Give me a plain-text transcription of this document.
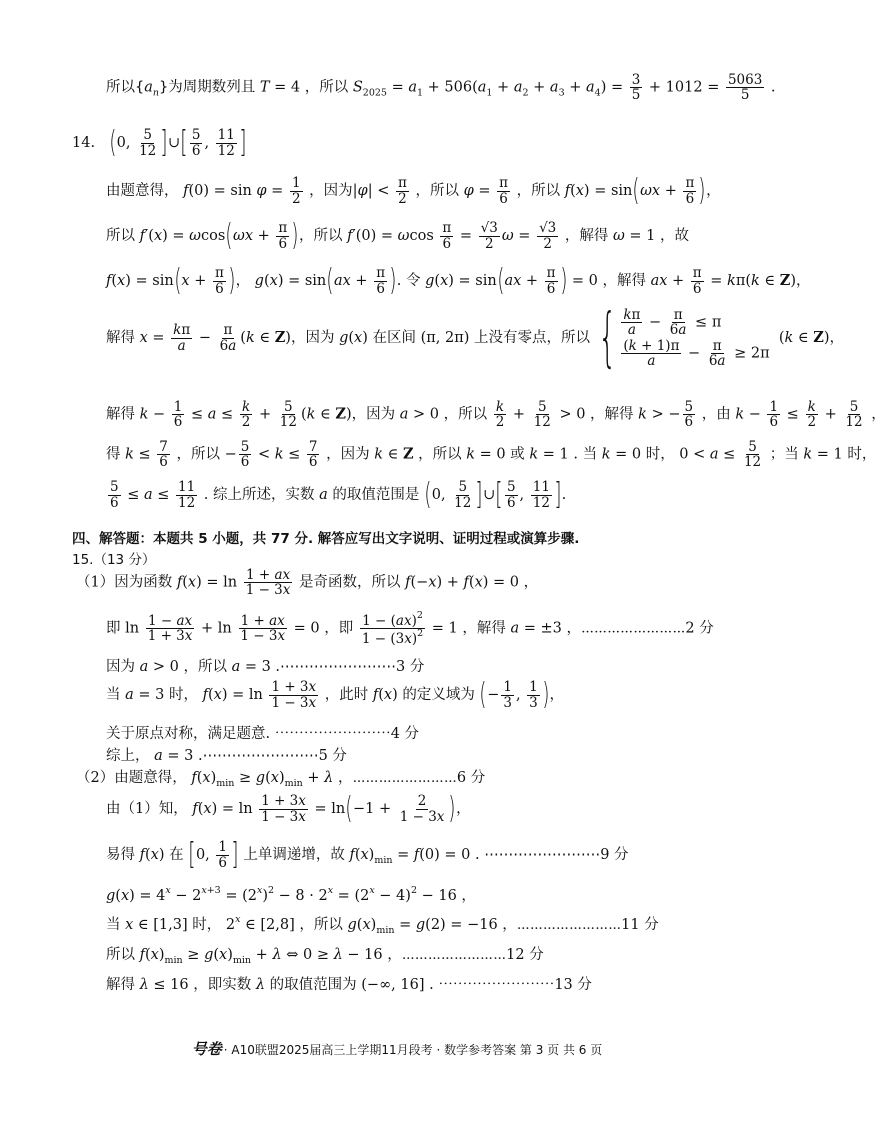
所以$\{a_n\}$为周期数列且 T = 4 ，所以 $S_{2025} = a_1 + 506(a_1 + a_2 + a_3 + a_4) = \frac{3}{5} + 1012 = \frac{5063}{5}$ .
14. (0, $\frac{5}{12}$ ]∪[ $\frac{5}{6}$ , $\frac{11}{12}$ ]
由题意得， $f(0) = \sin \varphi = \frac{1}{2}$ ，因为$|\varphi| < \frac{\pi}{2}$ ，所以 $\varphi = \frac{\pi}{6}$ ，所以 $f(x) = \sin(\omega x + \frac{\pi}{6}$ )，
所以 $f'(x) = \omega\cos(\omega x + \frac{\pi}{6}$ )，所以 f′(0) = ωcos $\frac{\pi}{6} = \frac{√3}{2}$ $\omega = \frac{√3}{2}$ ，解得 ω = 1 ，故
$f(x) = \sin(x + \frac{\pi}{6}$ )， $g(x) = \sin(ax + \frac{\pi}{6}$ ). 令 $g(x) = \sin(ax + \frac{\pi}{6}$ ) = 0 ，解得 ax + $\frac{\pi}{6} = k\pi(k$ ∈ Z)，
解得 $x = \frac{k\pi}{a} - \frac{\pi}{6a} (k$ ∈ Z)，因为 g(x) 在区间 (π, 2π) 上没有零点，所以 { $\frac{k\pi}{a} - \frac{\pi}{6a} \le \pi$
$\frac{(k + 1)\pi}{a} - \frac{\pi}{6a} \ge 2\pi$
(k ∈ Z)，
解得 $k - \frac{1}{6} \le a \le \frac{k}{2} + \frac{5}{12} (k$ ∈ Z)，因为 a > 0 ，所以 $\frac{k}{2} + \frac{5}{12} > 0$ ，解得 k > − $\frac{5}{6}$ ，由 $k - \frac{1}{6} \le \frac{k}{2} + \frac{5}{12}$ ，
得 $k \le \frac{7}{6}$ ，所以 − $\frac{5}{6} < k \le \frac{7}{6}$ ，因为 k ∈ Z ，所以 k = 0 或 k = 1 . 当 k = 0 时， $0 < a \le \frac{5}{12}$ ；当 k = 1 时，
$\frac{5}{6} \le a \le \frac{11}{12}$ . 综上所述，实数 a 的取值范围是 (0, $\frac{5}{12}$ ]∪[ $\frac{5}{6}$ , $\frac{11}{12}$ ].
四、解答题：本题共 5 小题，共 77 分. 解答应写出文字说明、证明过程或演算步骤.
15.（13 分）
（1）因为函数 $f(x) = \ln \frac{1 + ax}{1 - 3x}$ 是奇函数，所以 f(−x) + f(x) = 0 ，
即 $\ln \frac{1 - ax}{1 + 3x} + \ln \frac{1 + ax}{1 - 3x} = 0$ ，即 $\frac{1 - (ax)^2}{1 - (3x)^2} = 1$ ，解得 a = ±3 ，⋯⋯⋯⋯⋯⋯⋯⋯2 分
因为 a > 0 ，所以 a = 3 .⋯⋯⋯⋯⋯⋯⋯⋯3 分
当 a = 3 时， $f(x) = \ln \frac{1 + 3x}{1 - 3x}$ ，此时 f(x) 的定义域为 (− $\frac{1}{3}$ , $\frac{1}{3}$ )，
关于原点对称，满足题意. ⋯⋯⋯⋯⋯⋯⋯⋯4 分
综上， a = 3 .⋯⋯⋯⋯⋯⋯⋯⋯5 分
（2）由题意得， $f(x)_{min} \ge g(x)_{min} + \lambda$ ，⋯⋯⋯⋯⋯⋯⋯⋯6 分
由（1）知， $f(x) = \ln \frac{1 + 3x}{1 - 3x} = \ln(-1 + \frac{2}{1 - 3x}$ )，
易得 f(x) 在 [0, $\frac{1}{6}$ ] 上单调递增，故 $f(x)_{min} = f(0) = 0$ . ⋯⋯⋯⋯⋯⋯⋯⋯9 分
$g(x) = 4^x - 2^{x+3} = (2^x)^2 - 8 \cdot 2^x = (2^x - 4)^2 - 16$ ，
当 x ∈ [1,3] 时， 2$^x$ ∈ [2,8] ，所以 $g(x)_{min} = g(2) = -16$ ，⋯⋯⋯⋯⋯⋯⋯⋯11 分
所以 $f(x)_{min} \ge g(x)_{min} + \lambda$ ⇔ 0 ≥ λ − 16 ，⋯⋯⋯⋯⋯⋯⋯⋯12 分
解得 λ ≤ 16 ，即实数 λ 的取值范围为 (−∞, 16] . ⋯⋯⋯⋯⋯⋯⋯⋯13 分
号卷 · A10联盟2025届高三上学期11月段考 · 数学参考答案 第 3 页 共 6 页
